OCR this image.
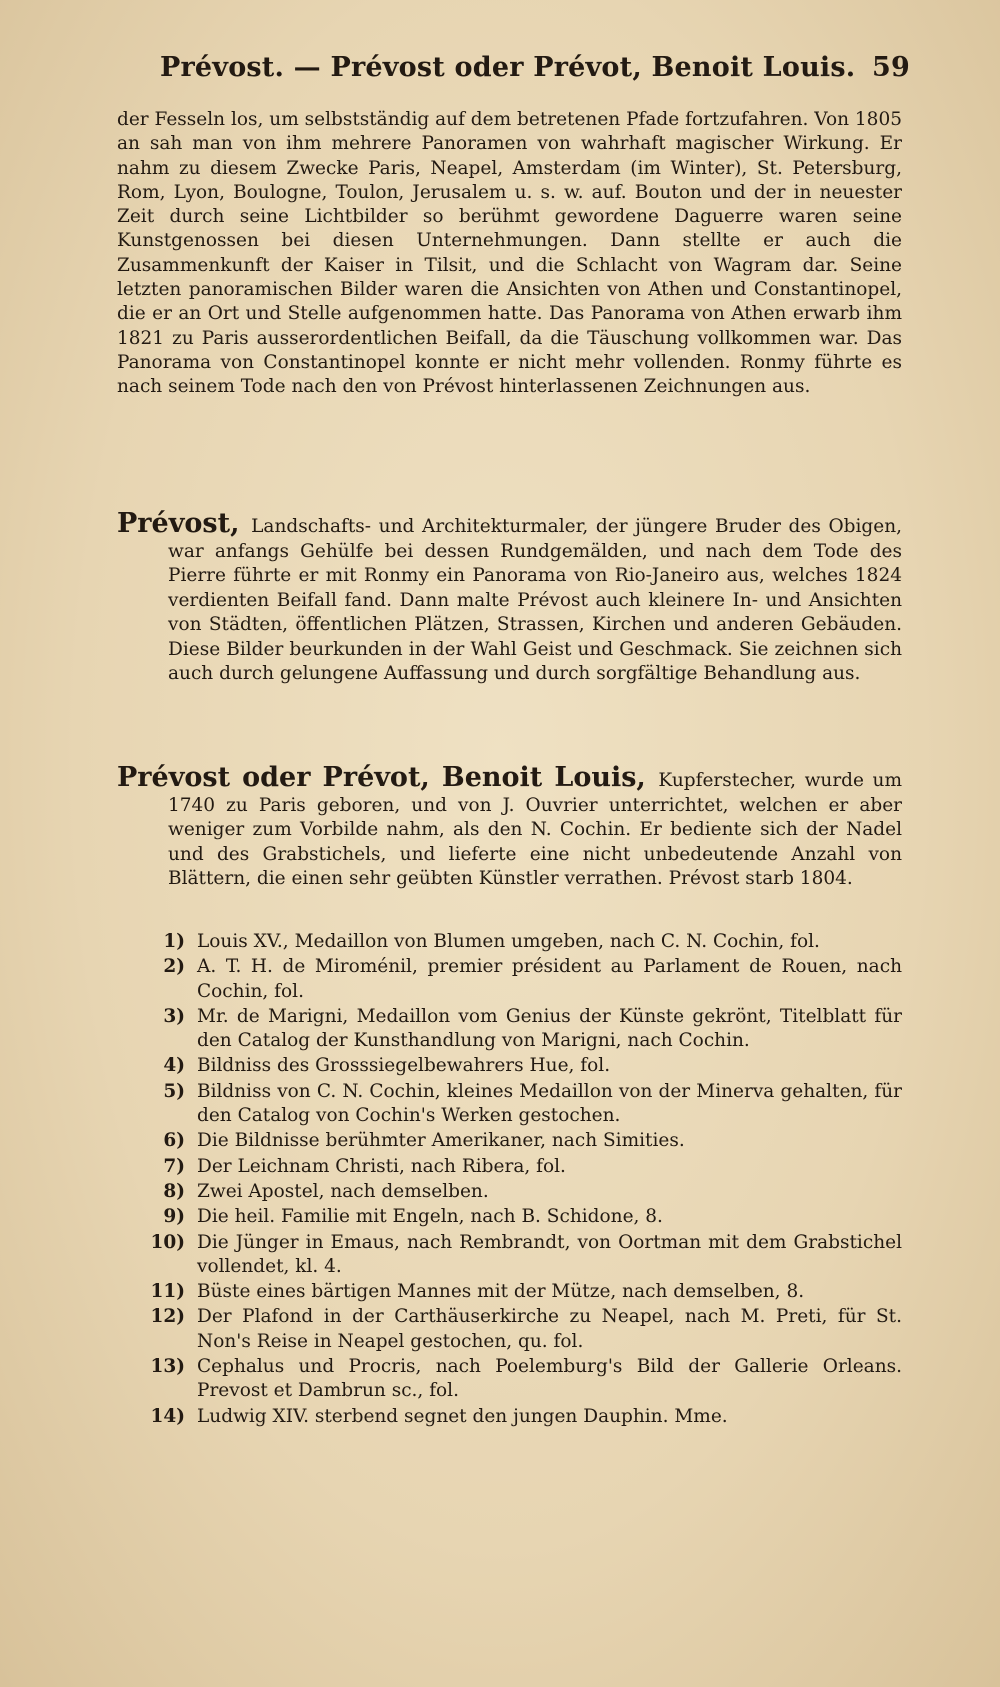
Prévost. — Prévost oder Prévot, Benoit Louis. 59
der Fesseln los, um selbstständig auf dem betretenen Pfade fortzufahren. Von 1805 an sah man von ihm mehrere Panoramen von wahrhaft magischer Wirkung. Er nahm zu diesem Zwecke Paris, Neapel, Amsterdam (im Winter), St. Petersburg, Rom, Lyon, Boulogne, Toulon, Jerusalem u. s. w. auf. Bouton und der in neuester Zeit durch seine Lichtbilder so berühmt gewordene Daguerre waren seine Kunstgenossen bei diesen Unternehmungen. Dann stellte er auch die Zusammenkunft der Kaiser in Tilsit, und die Schlacht von Wagram dar. Seine letzten panoramischen Bilder waren die Ansichten von Athen und Constantinopel, die er an Ort und Stelle aufgenommen hatte. Das Panorama von Athen erwarb ihm 1821 zu Paris ausserordentlichen Beifall, da die Täuschung vollkommen war. Das Panorama von Constantinopel konnte er nicht mehr vollenden. Ronmy führte es nach seinem Tode nach den von Prévost hinterlassenen Zeichnungen aus.
Prévost, Landschafts- und Architekturmaler, der jüngere Bruder des Obigen, war anfangs Gehülfe bei dessen Rundgemälden, und nach dem Tode des Pierre führte er mit Ronmy ein Panorama von Rio-Janeiro aus, welches 1824 verdienten Beifall fand. Dann malte Prévost auch kleinere In- und Ansichten von Städten, öffentlichen Plätzen, Strassen, Kirchen und anderen Gebäuden. Diese Bilder beurkunden in der Wahl Geist und Geschmack. Sie zeichnen sich auch durch gelungene Auffassung und durch sorgfältige Behandlung aus.
Prévost oder Prévot, Benoit Louis, Kupferstecher, wurde um 1740 zu Paris geboren, und von J. Ouvrier unterrichtet, welchen er aber weniger zum Vorbilde nahm, als den N. Cochin. Er bediente sich der Nadel und des Grabstichels, und lieferte eine nicht unbedeutende Anzahl von Blättern, die einen sehr geübten Künstler verrathen. Prévost starb 1804.
1) Louis XV., Medaillon von Blumen umgeben, nach C. N. Cochin, fol.
2) A. T. H. de Miroménil, premier président au Parlament de Rouen, nach Cochin, fol.
3) Mr. de Marigni, Medaillon vom Genius der Künste gekrönt, Titelblatt für den Catalog der Kunsthandlung von Marigni, nach Cochin.
4) Bildniss des Grosssiegelbewahrers Hue, fol.
5) Bildniss von C. N. Cochin, kleines Medaillon von der Minerva gehalten, für den Catalog von Cochin's Werken gestochen.
6) Die Bildnisse berühmter Amerikaner, nach Simities.
7) Der Leichnam Christi, nach Ribera, fol.
8) Zwei Apostel, nach demselben.
9) Die heil. Familie mit Engeln, nach B. Schidone, 8.
10) Die Jünger in Emaus, nach Rembrandt, von Oortman mit dem Grabstichel vollendet, kl. 4.
11) Büste eines bärtigen Mannes mit der Mütze, nach demselben, 8.
12) Der Plafond in der Carthäuserkirche zu Neapel, nach M. Preti, für St. Non's Reise in Neapel gestochen, qu. fol.
13) Cephalus und Procris, nach Poelemburg's Bild der Gallerie Orleans. Prevost et Dambrun sc., fol.
14) Ludwig XIV. sterbend segnet den jungen Dauphin. Mme.
